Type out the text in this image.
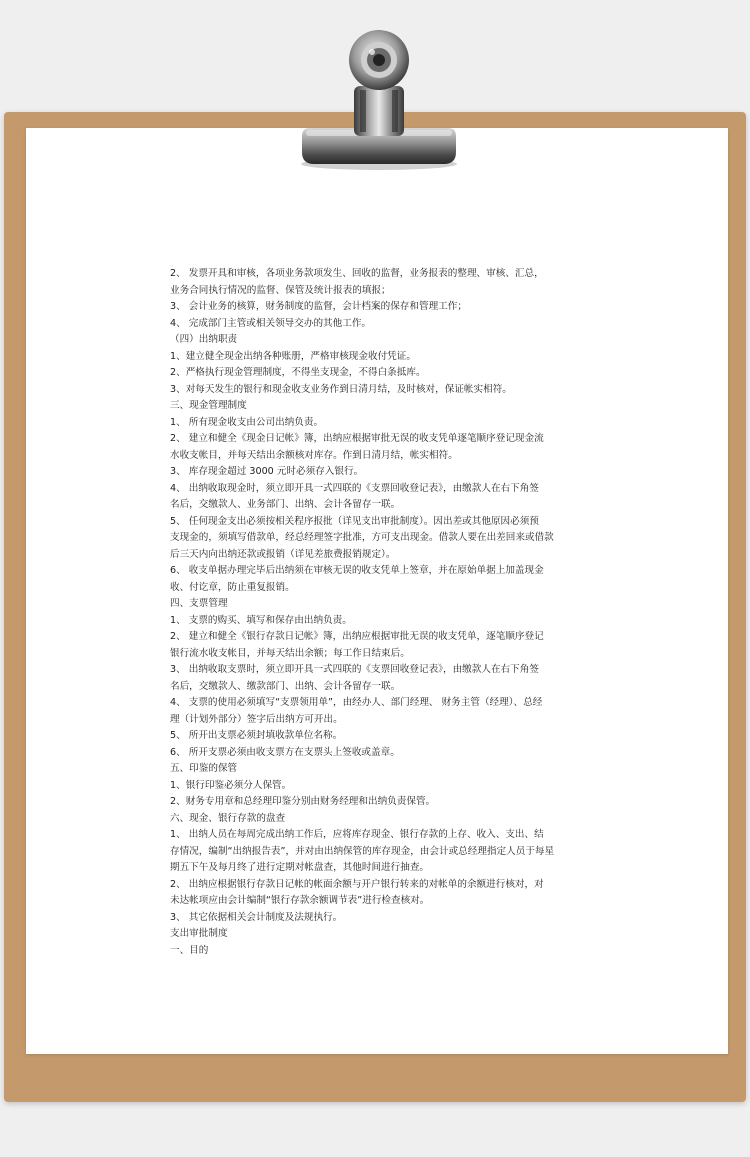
2、 发票开具和审核，各项业务款项发生、回收的监督，业务报表的整理、审核、汇总，
业务合同执行情况的监督、保管及统计报表的填报；
3、 会计业务的核算，财务制度的监督，会计档案的保存和管理工作；
4、 完成部门主管或相关领导交办的其他工作。
（四）出纳职责
1、建立健全现金出纳各种账册，严格审核现金收付凭证。
2、严格执行现金管理制度，不得坐支现金，不得白条抵库。
3、对每天发生的银行和现金收支业务作到日清月结，及时核对，保证帐实相符。
三、现金管理制度
1、 所有现金收支由公司出纳负责。
2、 建立和健全《现金日记帐》簿，出纳应根据审批无误的收支凭单逐笔顺序登记现金流
水收支帐目，并每天结出余额核对库存。作到日清月结，帐实相符。
3、 库存现金超过 3000 元时必须存入银行。
4、 出纳收取现金时，须立即开具一式四联的《支票回收登记表》，由缴款人在右下角签
名后，交缴款人、业务部门、出纳、会计各留存一联。
5、 任何现金支出必须按相关程序报批（详见支出审批制度）。因出差或其他原因必须预
支现金的，须填写借款单，经总经理签字批准，方可支出现金。借款人要在出差回来或借款
后三天内向出纳还款或报销（详见差旅费报销规定）。
6、 收支单据办理完毕后出纳须在审核无误的收支凭单上签章，并在原始单据上加盖现金
收、付讫章，防止重复报销。
四、支票管理
1、 支票的购买、填写和保存由出纳负责。
2、 建立和健全《银行存款日记帐》簿，出纳应根据审批无误的收支凭单，逐笔顺序登记
银行流水收支帐目，并每天结出余额；每工作日结束后。
3、 出纳收取支票时，须立即开具一式四联的《支票回收登记表》，由缴款人在右下角签
名后，交缴款人、缴款部门、出纳、会计各留存一联。
4、 支票的使用必须填写“支票领用单”，由经办人、部门经理、 财务主管（经理）、总经
理（计划外部分）签字后出纳方可开出。
5、 所开出支票必须封填收款单位名称。
6、 所开支票必须由收支票方在支票头上签收或盖章。
五、印鉴的保管
1、银行印鉴必须分人保管。
2、财务专用章和总经理印鉴分别由财务经理和出纳负责保管。
六、现金、银行存款的盘查
1、 出纳人员在每周完成出纳工作后，应将库存现金、银行存款的上存、收入、支出、结
存情况，编制“出纳报告表”，并对由出纳保管的库存现金，由会计或总经理指定人员于每星
期五下午及每月终了进行定期对帐盘查，其他时间进行抽查。
2、 出纳应根据银行存款日记帐的帐面余额与开户银行转来的对帐单的余额进行核对，对
未达帐项应由会计编制“银行存款余额调节表”进行检查核对。
3、 其它依据相关会计制度及法规执行。
支出审批制度
一、目的
